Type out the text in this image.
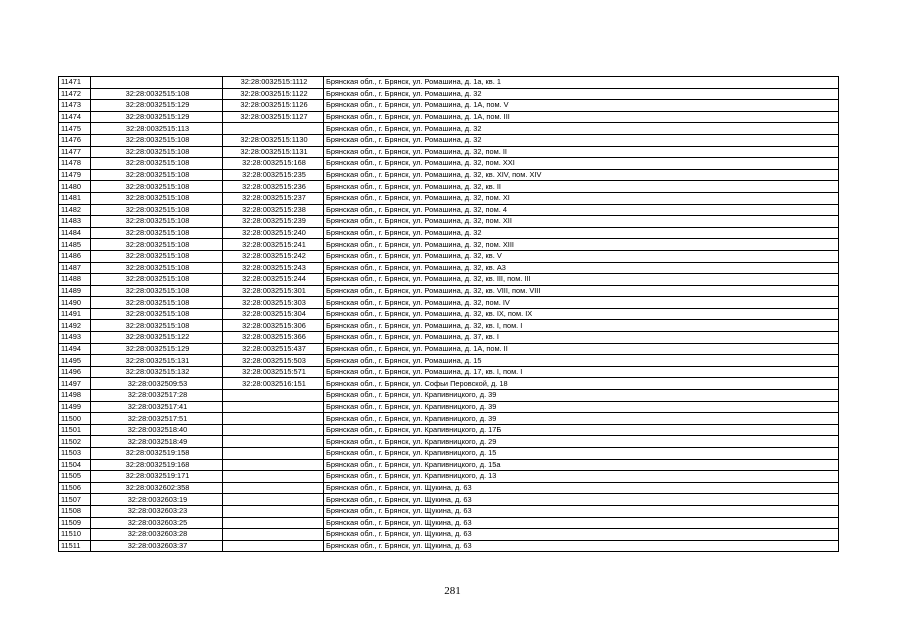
11471		32:28:0032515:1112	Брянская обл., г. Брянск, ул. Ромашина, д. 1а, кв. 1
11472	32:28:0032515:108	32:28:0032515:1122	Брянская обл., г. Брянск, ул. Ромашина, д. 32
11473	32:28:0032515:129	32:28:0032515:1126	Брянская обл., г. Брянск, ул. Ромашина, д. 1А, пом. V
11474	32:28:0032515:129	32:28:0032515:1127	Брянская обл., г. Брянск, ул. Ромашина, д. 1А, пом. III
11475	32:28:0032515:113		Брянская обл., г. Брянск, ул. Ромашина, д. 32
11476	32:28:0032515:108	32:28:0032515:1130	Брянская обл., г. Брянск, ул. Ромашина, д. 32
11477	32:28:0032515:108	32:28:0032515:1131	Брянская обл., г. Брянск, ул. Ромашина, д. 32, пом. II
11478	32:28:0032515:108	32:28:0032515:168	Брянская обл., г. Брянск, ул. Ромашина, д. 32, пом. XXI
11479	32:28:0032515:108	32:28:0032515:235	Брянская обл., г. Брянск, ул. Ромашина, д. 32, кв. XIV, пом. XIV
11480	32:28:0032515:108	32:28:0032515:236	Брянская обл., г. Брянск, ул. Ромашина, д. 32, кв. II
11481	32:28:0032515:108	32:28:0032515:237	Брянская обл., г. Брянск, ул. Ромашина, д. 32, пом. XI
11482	32:28:0032515:108	32:28:0032515:238	Брянская обл., г. Брянск, ул. Ромашина, д. 32, пом. 4
11483	32:28:0032515:108	32:28:0032515:239	Брянская обл., г. Брянск, ул. Ромашина, д. 32, пом. XII
11484	32:28:0032515:108	32:28:0032515:240	Брянская обл., г. Брянск, ул. Ромашина, д. 32
11485	32:28:0032515:108	32:28:0032515:241	Брянская обл., г. Брянск, ул. Ромашина, д. 32, пом. XIII
11486	32:28:0032515:108	32:28:0032515:242	Брянская обл., г. Брянск, ул. Ромашина, д. 32, кв. V
11487	32:28:0032515:108	32:28:0032515:243	Брянская обл., г. Брянск, ул. Ромашина, д. 32, кв. А3
11488	32:28:0032515:108	32:28:0032515:244	Брянская обл., г. Брянск, ул. Ромашина, д. 32, кв. III, пом. III
11489	32:28:0032515:108	32:28:0032515:301	Брянская обл., г. Брянск, ул. Ромашина, д. 32, кв. VIII, пом. VIII
11490	32:28:0032515:108	32:28:0032515:303	Брянская обл., г. Брянск, ул. Ромашина, д. 32, пом. IV
11491	32:28:0032515:108	32:28:0032515:304	Брянская обл., г. Брянск, ул. Ромашина, д. 32, кв. IX, пом. IX
11492	32:28:0032515:108	32:28:0032515:306	Брянская обл., г. Брянск, ул. Ромашина, д. 32, кв. I, пом. I
11493	32:28:0032515:122	32:28:0032515:366	Брянская обл., г. Брянск, ул. Ромашина, д. 37, кв. I
11494	32:28:0032515:129	32:28:0032515:437	Брянская обл., г. Брянск, ул. Ромашина, д. 1А, пом. II
11495	32:28:0032515:131	32:28:0032515:503	Брянская обл., г. Брянск, ул. Ромашина, д. 15
11496	32:28:0032515:132	32:28:0032515:571	Брянская обл., г. Брянск, ул. Ромашина, д. 17, кв. I, пом. I
11497	32:28:0032509:53	32:28:0032516:151	Брянская обл., г. Брянск, ул. Софьи Перовской, д. 18
11498	32:28:0032517:28		Брянская обл., г. Брянск, ул. Крапивницкого, д. 39
11499	32:28:0032517:41		Брянская обл., г. Брянск, ул. Крапивницкого, д. 39
11500	32:28:0032517:51		Брянская обл., г. Брянск, ул. Крапивницкого, д. 39
11501	32:28:0032518:40		Брянская обл., г. Брянск, ул. Крапивницкого, д. 17Б
11502	32:28:0032518:49		Брянская обл., г. Брянск, ул. Крапивницкого, д. 29
11503	32:28:0032519:158		Брянская обл., г. Брянск, ул. Крапивницкого, д. 15
11504	32:28:0032519:168		Брянская обл., г. Брянск, ул. Крапивницкого, д. 15а
11505	32:28:0032519:171		Брянская обл., г. Брянск, ул. Крапивницкого, д. 13
11506	32:28:0032602:358		Брянская обл., г. Брянск, ул. Щукина, д. 63
11507	32:28:0032603:19		Брянская обл., г. Брянск, ул. Щукина, д. 63
11508	32:28:0032603:23		Брянская обл., г. Брянск, ул. Щукина, д. 63
11509	32:28:0032603:25		Брянская обл., г. Брянск, ул. Щукина, д. 63
11510	32:28:0032603:28		Брянская обл., г. Брянск, ул. Щукина, д. 63
11511	32:28:0032603:37		Брянская обл., г. Брянск, ул. Щукина, д. 63
281
